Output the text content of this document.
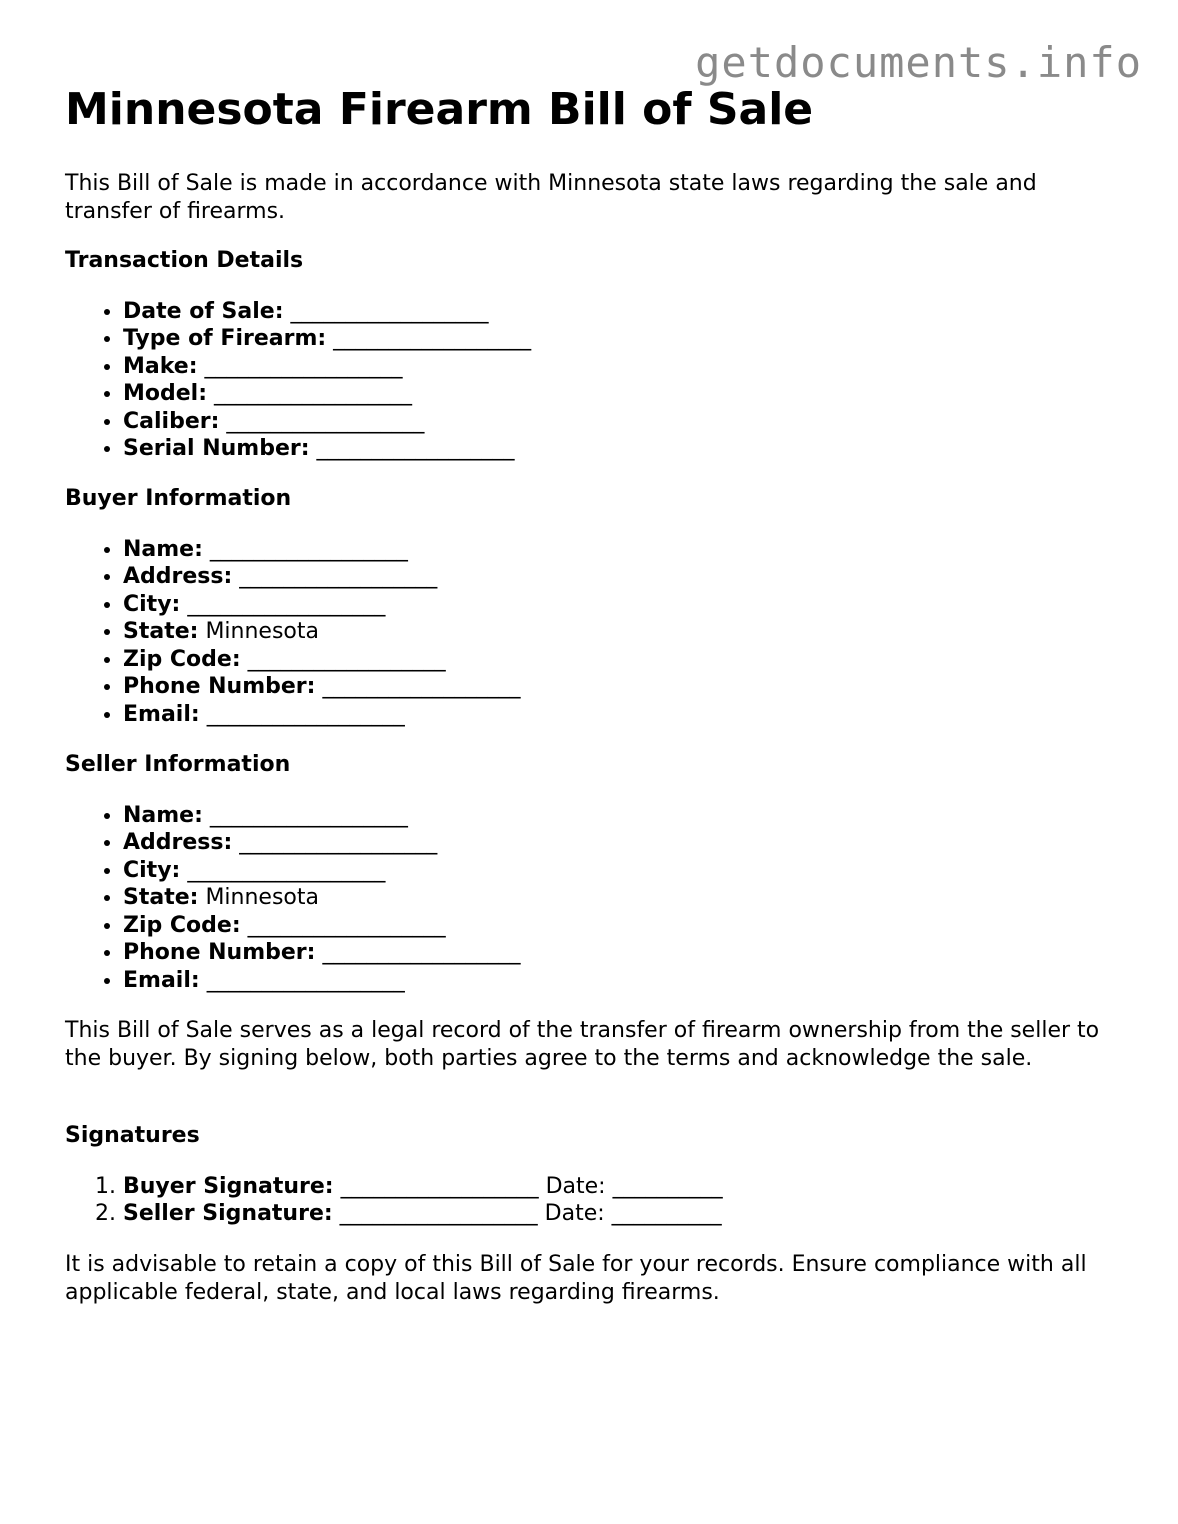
getdocuments.info
Minnesota Firearm Bill of Sale

This Bill of Sale is made in accordance with Minnesota state laws regarding the sale and transfer of firearms.

Transaction Details
• Date of Sale: __________________
• Type of Firearm: __________________
• Make: __________________
• Model: __________________
• Caliber: __________________
• Serial Number: __________________
Buyer Information
• Name: __________________
• Address: __________________
• City: __________________
• State: Minnesota
• Zip Code: __________________
• Phone Number: __________________
• Email: __________________
Seller Information
• Name: __________________
• Address: __________________
• City: __________________
• State: Minnesota
• Zip Code: __________________
• Phone Number: __________________
• Email: __________________

This Bill of Sale serves as a legal record of the transfer of firearm ownership from the seller to the buyer. By signing below, both parties agree to the terms and acknowledge the sale.

Signatures
1. Buyer Signature: __________________ Date: __________
2. Seller Signature: __________________ Date: __________

It is advisable to retain a copy of this Bill of Sale for your records. Ensure compliance with all applicable federal, state, and local laws regarding firearms.
